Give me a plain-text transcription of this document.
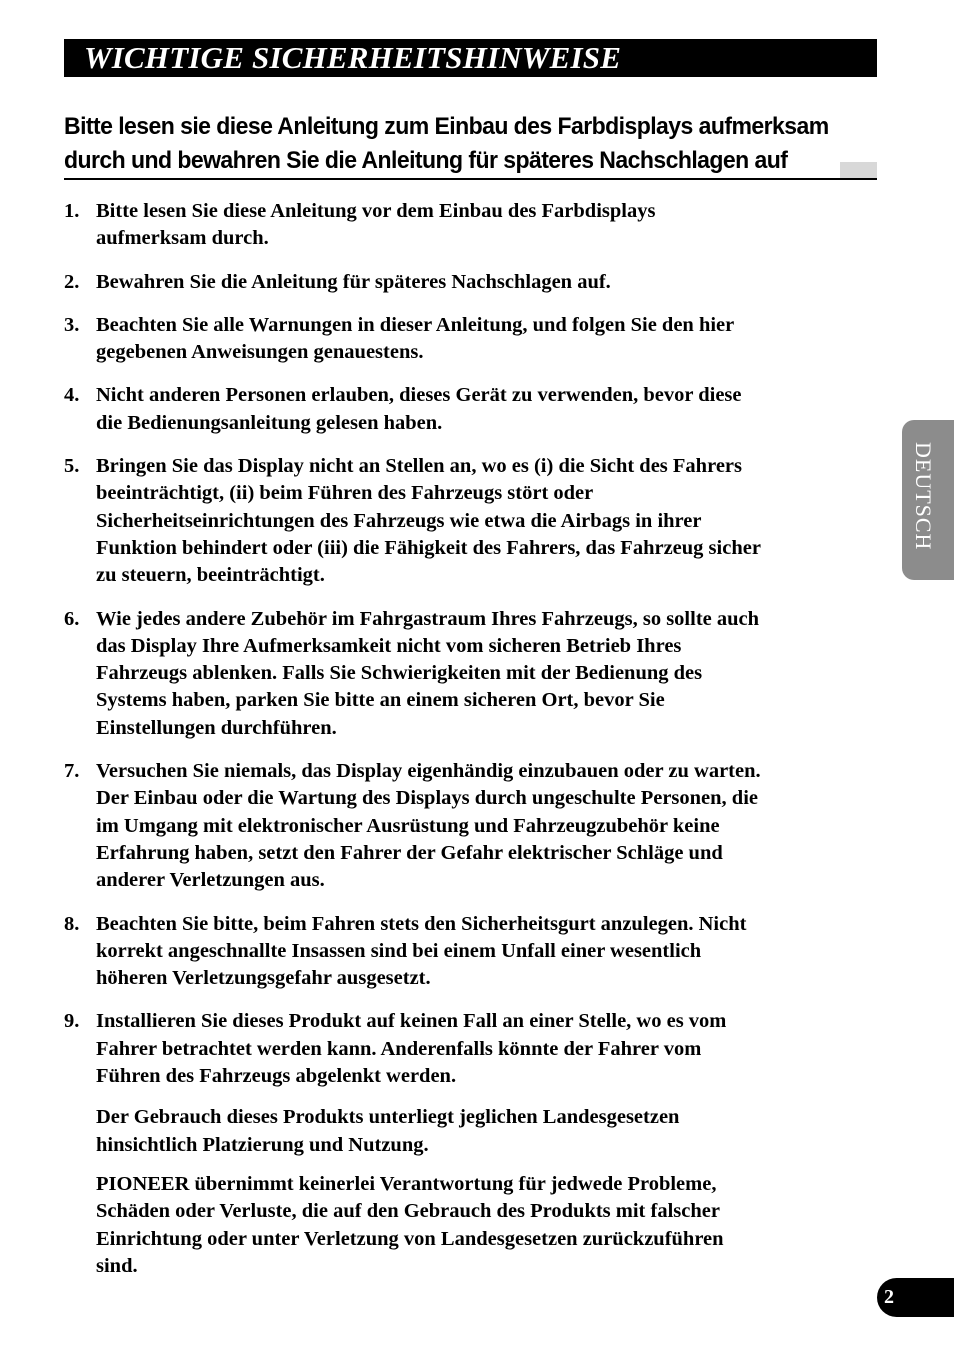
WICHTIGE SICHERHEITSHINWEISE
Bitte lesen sie diese Anleitung zum Einbau des Farbdisplays aufmerksam
durch und bewahren Sie die Anleitung für späteres Nachschlagen auf
1. Bitte lesen Sie diese Anleitung vor dem Einbau des Farbdisplays
aufmerksam durch.
2. Bewahren Sie die Anleitung für späteres Nachschlagen auf.
3. Beachten Sie alle Warnungen in dieser Anleitung, und folgen Sie den hier
gegebenen Anweisungen genauestens.
4. Nicht anderen Personen erlauben, dieses Gerät zu verwenden, bevor diese
die Bedienungsanleitung gelesen haben.
5. Bringen Sie das Display nicht an Stellen an, wo es (i) die Sicht des Fahrers
beeinträchtigt, (ii) beim Führen des Fahrzeugs stört oder
Sicherheitseinrichtungen des Fahrzeugs wie etwa die Airbags in ihrer
Funktion behindert oder (iii) die Fähigkeit des Fahrers, das Fahrzeug sicher
zu steuern, beeinträchtigt.
6. Wie jedes andere Zubehör im Fahrgastraum Ihres Fahrzeugs, so sollte auch
das Display Ihre Aufmerksamkeit nicht vom sicheren Betrieb Ihres
Fahrzeugs ablenken. Falls Sie Schwierigkeiten mit der Bedienung des
Systems haben, parken Sie bitte an einem sicheren Ort, bevor Sie
Einstellungen durchführen.
7. Versuchen Sie niemals, das Display eigenhändig einzubauen oder zu warten.
Der Einbau oder die Wartung des Displays durch ungeschulte Personen, die
im Umgang mit elektronischer Ausrüstung und Fahrzeugzubehör keine
Erfahrung haben, setzt den Fahrer der Gefahr elektrischer Schläge und
anderer Verletzungen aus.
8. Beachten Sie bitte, beim Fahren stets den Sicherheitsgurt anzulegen. Nicht
korrekt angeschnallte Insassen sind bei einem Unfall einer wesentlich
höheren Verletzungsgefahr ausgesetzt.
9. Installieren Sie dieses Produkt auf keinen Fall an einer Stelle, wo es vom
Fahrer betrachtet werden kann. Anderenfalls könnte der Fahrer vom
Führen des Fahrzeugs abgelenkt werden.
Der Gebrauch dieses Produkts unterliegt jeglichen Landesgesetzen
hinsichtlich Platzierung und Nutzung.
PIONEER übernimmt keinerlei Verantwortung für jedwede Probleme,
Schäden oder Verluste, die auf den Gebrauch des Produkts mit falscher
Einrichtung oder unter Verletzung von Landesgesetzen zurückzuführen
sind.
DEUTSCH
2
